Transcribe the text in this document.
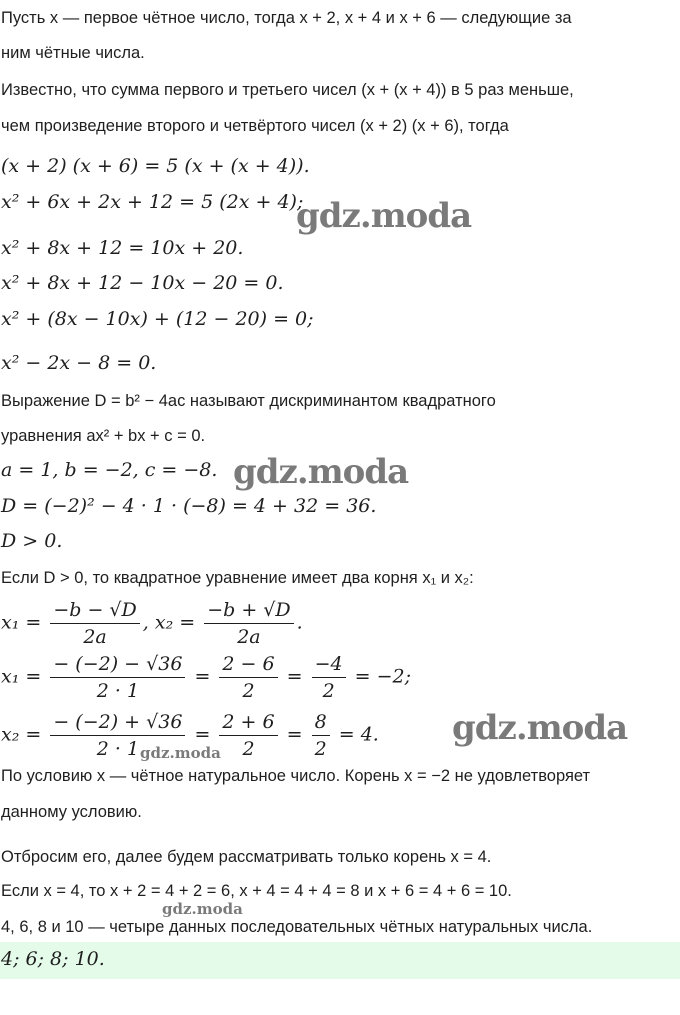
Пусть x — первое чётное число, тогда x + 2, x + 4 и x + 6 — следующие за
ним чётные числа.
Известно, что сумма первого и третьего чисел (x + (x + 4)) в 5 раз меньше,
чем произведение второго и четвёртого чисел (x + 2) (x + 6), тогда
(x + 2) (x + 6) = 5 (x + (x + 4)).
x² + 6x + 2x + 12 = 5 (2x + 4);
x² + 8x + 12 = 10x + 20.
x² + 8x + 12 − 10x − 20 = 0.
x² + (8x − 10x) + (12 − 20) = 0;
x² − 2x − 8 = 0.
Выражение D = b² − 4ac называют дискриминантом квадратного
уравнения ax² + bx + c = 0.
a = 1, b = −2, c = −8.
D = (−2)² − 4 · 1 · (−8) = 4 + 32 = 36.
D > 0.
Если D > 0, то квадратное уравнение имеет два корня x₁ и x₂:
$x_1 = \frac{-b - √D}{2a}$ , $x_2 = \frac{-b + √D}{2a}$ .
$x_1 = \frac{- (-2) - √36}{2 \cdot 1} = \frac{2 - 6}{2} = \frac{-4}{2} = -2$;
$x_2 = \frac{- (-2) + √36}{2 \cdot 1} = \frac{2 + 6}{2} = \frac{8}{2} = 4$.
По условию x — чётное натуральное число. Корень x = −2 не удовлетворяет
данному условию.
Отбросим его, далее будем рассматривать только корень x = 4.
Если x = 4, то x + 2 = 4 + 2 = 6, x + 4 = 4 + 4 = 8 и x + 6 = 4 + 6 = 10.
4, 6, 8 и 10 — четыре данных последовательных чётных натуральных числа.
4; 6; 8; 10.
gdz.moda
gdz.moda
gdz.moda
gdz.moda
gdz.moda
